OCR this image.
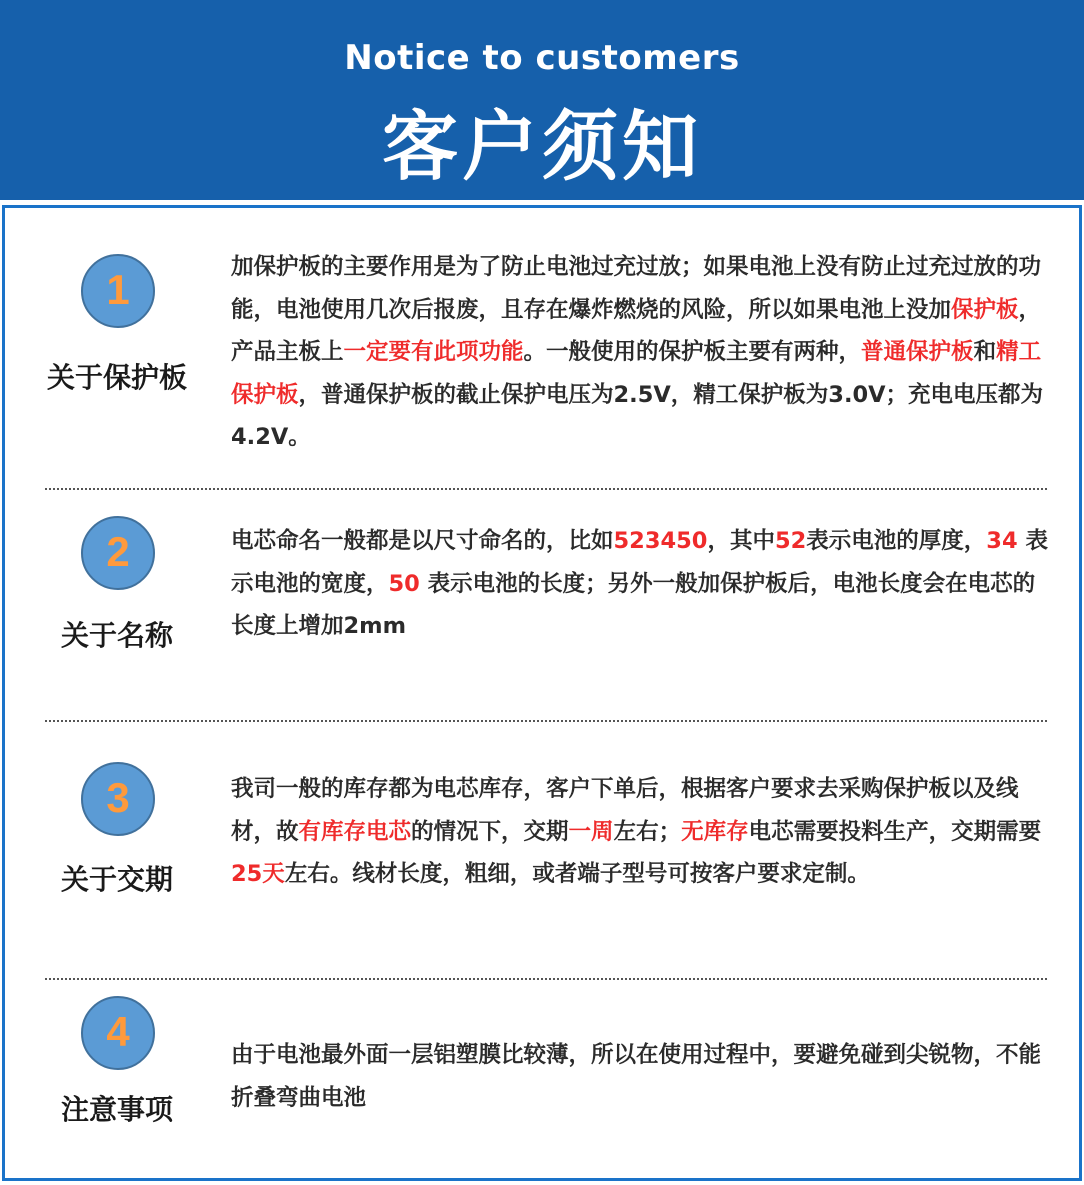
Notice to customers
客户须知
1
关于保护板
加保护板的主要作用是为了防止电池过充过放；如果电池上没有防止过充过放的功能，电池使用几次后报废，且存在爆炸燃烧的风险，所以如果电池上没加保护板，产品主板上一定要有此项功能。一般使用的保护板主要有两种，普通保护板和精工保护板，普通保护板的截止保护电压为2.5V，精工保护板为3.0V；充电电压都为4.2V。
2
关于名称
电芯命名一般都是以尺寸命名的，比如523450，其中52表示电池的厚度，34 表示电池的宽度，50 表示电池的长度；另外一般加保护板后，电池长度会在电芯的长度上增加2mm
3
关于交期
我司一般的库存都为电芯库存，客户下单后，根据客户要求去采购保护板以及线材，故有库存电芯的情况下，交期一周左右；无库存电芯需要投料生产，交期需要25天左右。线材长度，粗细，或者端子型号可按客户要求定制。
4
注意事项
由于电池最外面一层铝塑膜比较薄，所以在使用过程中，要避免碰到尖锐物，不能折叠弯曲电池
